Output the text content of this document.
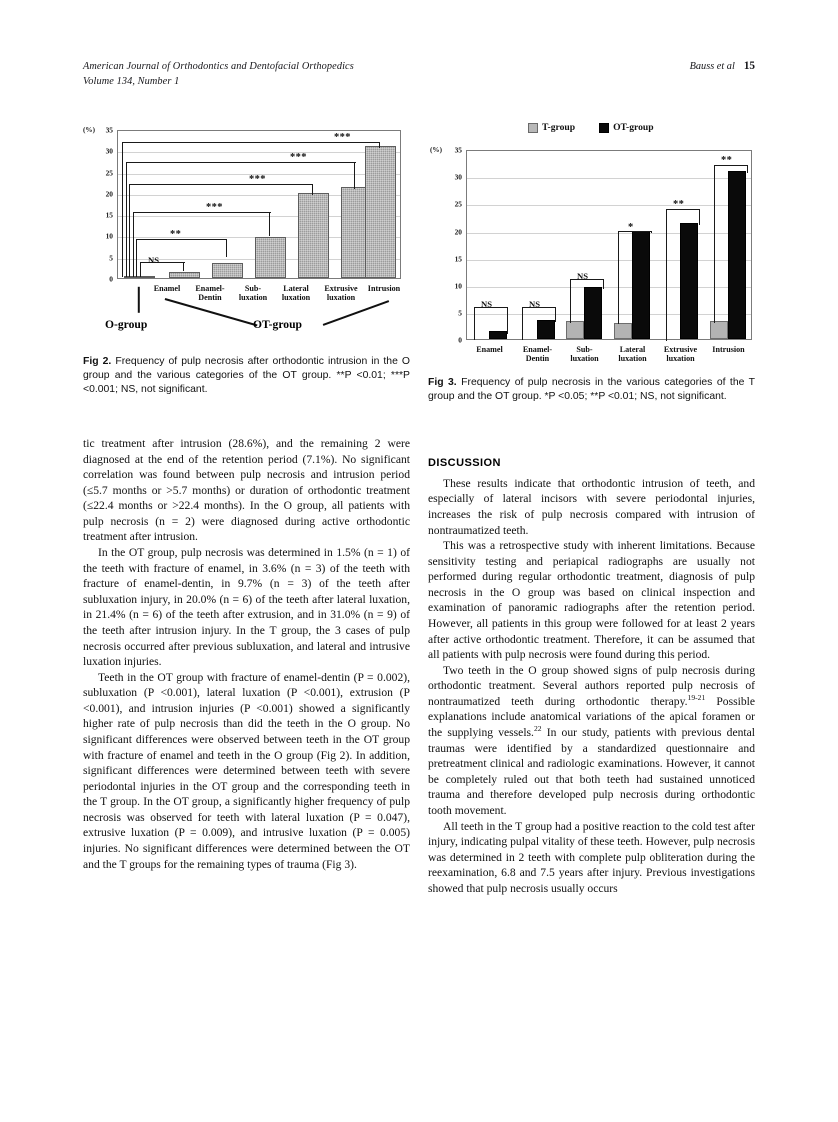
American Journal of Orthodontics and Dentofacial Orthopedics
Volume 134, Number 1
Bauss et al 15
(%)	35
30
25
20
15
10
5
0
NS
**
***
***
***
***
Enamel	Enamel-
Dentin
Sub-
luxation
Lateral
luxation
Extrusive
luxation
Intrusion
O-group	OT-group
Fig 2. Frequency of pulp necrosis after orthodontic intrusion in the O group and the various categories of the OT group. **P <0.01; ***P <0.001; NS, not significant.
T-group	OT-group
(%)	35
30
25
20
15
10
5
0
NS	NS
NS
*
**
**
Enamel	Enamel-
Dentin
Sub-
luxation
Lateral
luxation
Extrusive
luxation
Intrusion
Fig 3. Frequency of pulp necrosis in the various categories of the T group and the OT group. *P <0.05; **P <0.01; NS, not significant.

tic treatment after intrusion (28.6%), and the remaining 2 were diagnosed at the end of the retention period (7.1%). No significant correlation was found between pulp necrosis and intrusion period (≤5.7 months or >5.7 months) or duration of orthodontic treatment (≤22.4 months or >22.4 months). In the O group, all patients with pulp necrosis (n = 2) were diagnosed during active orthodontic treatment after intrusion.

In the OT group, pulp necrosis was determined in 1.5% (n = 1) of the teeth with fracture of enamel, in 3.6% (n = 3) of the teeth with fracture of enamel-dentin, in 9.7% (n = 3) of the teeth after subluxation injury, in 20.0% (n = 6) of the teeth after lateral luxation, in 21.4% (n = 6) of the teeth after extrusion, and in 31.0% (n = 9) of the teeth after intrusion injury. In the T group, the 3 cases of pulp necrosis occurred after previous subluxation, and lateral and intrusive luxation injuries.

Teeth in the OT group with fracture of enamel-dentin (P = 0.002), subluxation (P <0.001), lateral luxation (P <0.001), extrusion (P <0.001), and intrusion injuries (P <0.001) showed a significantly higher rate of pulp necrosis than did the teeth in the O group. No significant differences were observed between teeth in the OT group with fracture of enamel and teeth in the O group (Fig 2). In addition, significant differences were determined between teeth with severe periodontal injuries in the OT group and the corresponding teeth in the T group. In the OT group, a significantly higher frequency of pulp necrosis was observed for teeth with lateral luxation (P = 0.047), extrusive luxation (P = 0.009), and intrusive luxation (P = 0.005) injuries. No significant differences were determined between the OT and the T groups for the remaining types of trauma (Fig 3).

DISCUSSION

These results indicate that orthodontic intrusion of teeth, and especially of lateral incisors with severe periodontal injuries, increases the risk of pulp necrosis compared with intrusion of nontraumatized teeth.

This was a retrospective study with inherent limitations. Because sensitivity testing and periapical radiographs are usually not performed during regular orthodontic treatment, diagnosis of pulp necrosis in the O group was based on clinical inspection and examination of panoramic radiographs after the retention period. However, all patients in this group were followed for at least 2 years after active orthodontic treatment. Therefore, it can be assumed that all patients with pulp necrosis were found during this period.

Two teeth in the O group showed signs of pulp necrosis during orthodontic treatment. Several authors reported pulp necrosis of nontraumatized teeth during orthodontic therapy.$^{19-21}$ Possible explanations include anatomical variations of the apical foramen or the supplying vessels.$^{22}$ In our study, patients with previous dental traumas were identified by a standardized questionnaire and pretreatment clinical and radiologic examinations. However, it cannot be completely ruled out that both teeth had sustained unnoticed trauma and therefore developed pulp necrosis during orthodontic tooth movement.

All teeth in the T group had a positive reaction to the cold test after injury, indicating pulpal vitality of these teeth. However, pulp necrosis was determined in 2 teeth with complete pulp obliteration during the reexamination, 6.8 and 7.5 years after injury. Previous investigations showed that pulp necrosis usually occurs
